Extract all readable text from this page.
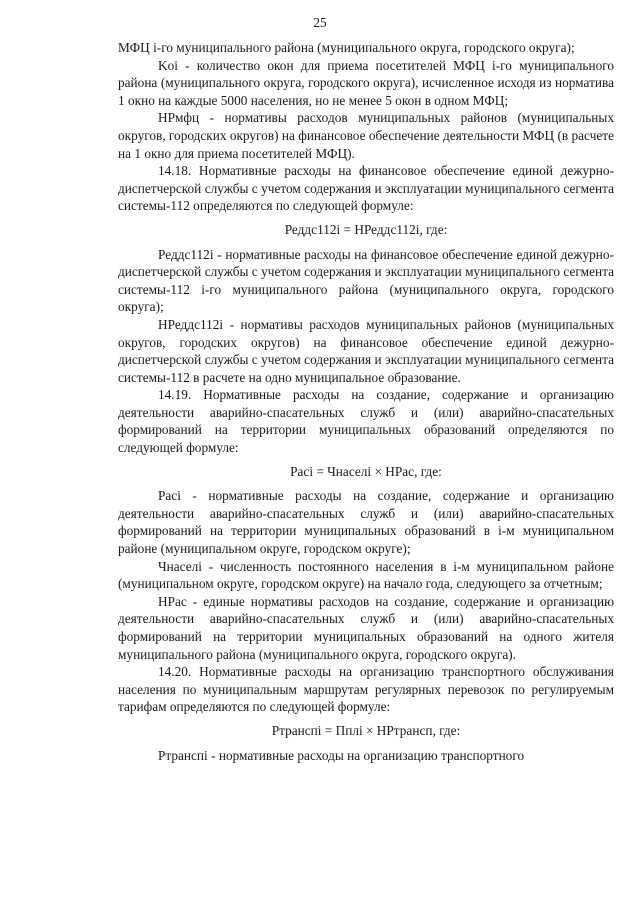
25

МФЦ i-го муниципального района (муниципального округа, городского округа);

Koi - количество окон для приема посетителей МФЦ i-го муниципального района (муниципального округа, городского округа), исчисленное исходя из норматива 1 окно на каждые 5000 населения, но не менее 5 окон в одном МФЦ;

НРмфц - нормативы расходов муниципальных районов (муниципальных округов, городских округов) на финансовое обеспечение деятельности МФЦ (в расчете на 1 окно для приема посетителей МФЦ).

14.18. Нормативные расходы на финансовое обеспечение единой дежурно-диспетчерской службы с учетом содержания и эксплуатации муниципального сегмента системы-112 определяются по следующей формуле:

Реддс112i = НРеддс112i, где:

Реддс112i - нормативные расходы на финансовое обеспечение единой дежурно-диспетчерской службы с учетом содержания и эксплуатации муниципального сегмента системы-112 i-го муниципального района (муниципального округа, городского округа);

НРеддс112i - нормативы расходов муниципальных районов (муниципальных округов, городских округов) на финансовое обеспечение единой дежурно-диспетчерской службы с учетом содержания и эксплуатации муниципального сегмента системы-112 в расчете на одно муниципальное образование.

14.19. Нормативные расходы на создание, содержание и организацию деятельности аварийно-спасательных служб и (или) аварийно-спасательных формирований на территории муниципальных образований определяются по следующей формуле:

Pacі = Чнаселi × НРас, где:

Pacі - нормативные расходы на создание, содержание и организацию деятельности аварийно-спасательных служб и (или) аварийно-спасательных формирований на территории муниципальных образований в i-м муниципальном районе (муниципальном округе, городском округе);

Чнаселi - численность постоянного населения в i-м муниципальном районе (муниципальном округе, городском округе) на начало года, следующего за отчетным;

НРас - единые нормативы расходов на создание, содержание и организацию деятельности аварийно-спасательных служб и (или) аварийно-спасательных формирований на территории муниципальных образований на одного жителя муниципального района (муниципального округа, городского округа).

14.20. Нормативные расходы на организацию транспортного обслуживания населения по муниципальным маршрутам регулярных перевозок по регулируемым тарифам определяются по следующей формуле:

Ртранспi = Пплi × НРтрансп, где:

Ртранспi - нормативные расходы на организацию транспортного
